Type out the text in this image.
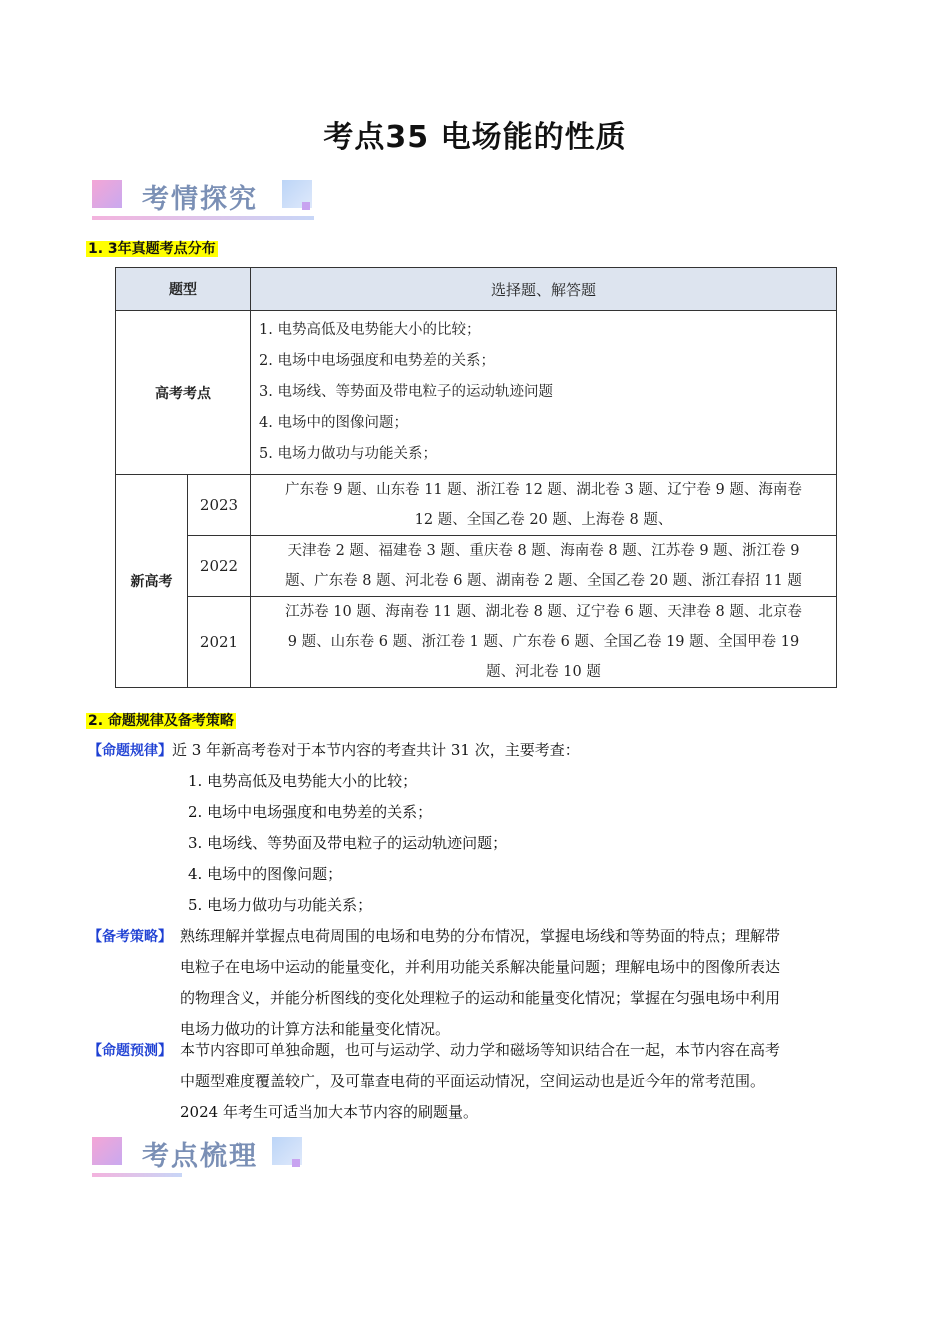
考点35 电场能的性质
考情探究
1. 3年真题考点分布
题型		选择题、解答题
高考考点		1. 电势高低及电势能大小的比较；
2. 电场中电场强度和电势差的关系；
3. 电场线、等势面及带电粒子的运动轨迹问题
4. 电场中的图像问题；
5. 电场力做功与功能关系；

新高考	2023	广东卷 9 题、山东卷 11 题、浙江卷 12 题、湖北卷 3 题、辽宁卷 9 题、海南卷
12 题、全国乙卷 20 题、上海卷 8 题、

	2022	天津卷 2 题、福建卷 3 题、重庆卷 8 题、海南卷 8 题、江苏卷 9 题、浙江卷 9
题、广东卷 8 题、河北卷 6 题、湖南卷 2 题、全国乙卷 20 题、浙江春招 11 题

	2021	江苏卷 10 题、海南卷 11 题、湖北卷 8 题、辽宁卷 6 题、天津卷 8 题、北京卷
9 题、山东卷 6 题、浙江卷 1 题、广东卷 6 题、全国乙卷 19 题、全国甲卷 19
题、河北卷 10 题
2. 命题规律及备考策略
【命题规律】近 3 年新高考卷对于本节内容的考查共计 31 次，主要考查：
1. 电势高低及电势能大小的比较；
2. 电场中电场强度和电势差的关系；
3. 电场线、等势面及带电粒子的运动轨迹问题；
4. 电场中的图像问题；
5. 电场力做功与功能关系；
【备考策略】 熟练理解并掌握点电荷周围的电场和电势的分布情况，掌握电场线和等势面的特点；理解带
电粒子在电场中运动的能量变化，并利用功能关系解决能量问题；理解电场中的图像所表达
的物理含义，并能分析图线的变化处理粒子的运动和能量变化情况；掌握在匀强电场中利用
电场力做功的计算方法和能量变化情况。
【命题预测】 本节内容即可单独命题，也可与运动学、动力学和磁场等知识结合在一起，本节内容在高考
中题型难度覆盖较广，及可靠查电荷的平面运动情况，空间运动也是近今年的常考范围。
2024 年考生可适当加大本节内容的刷题量。
考点梳理
